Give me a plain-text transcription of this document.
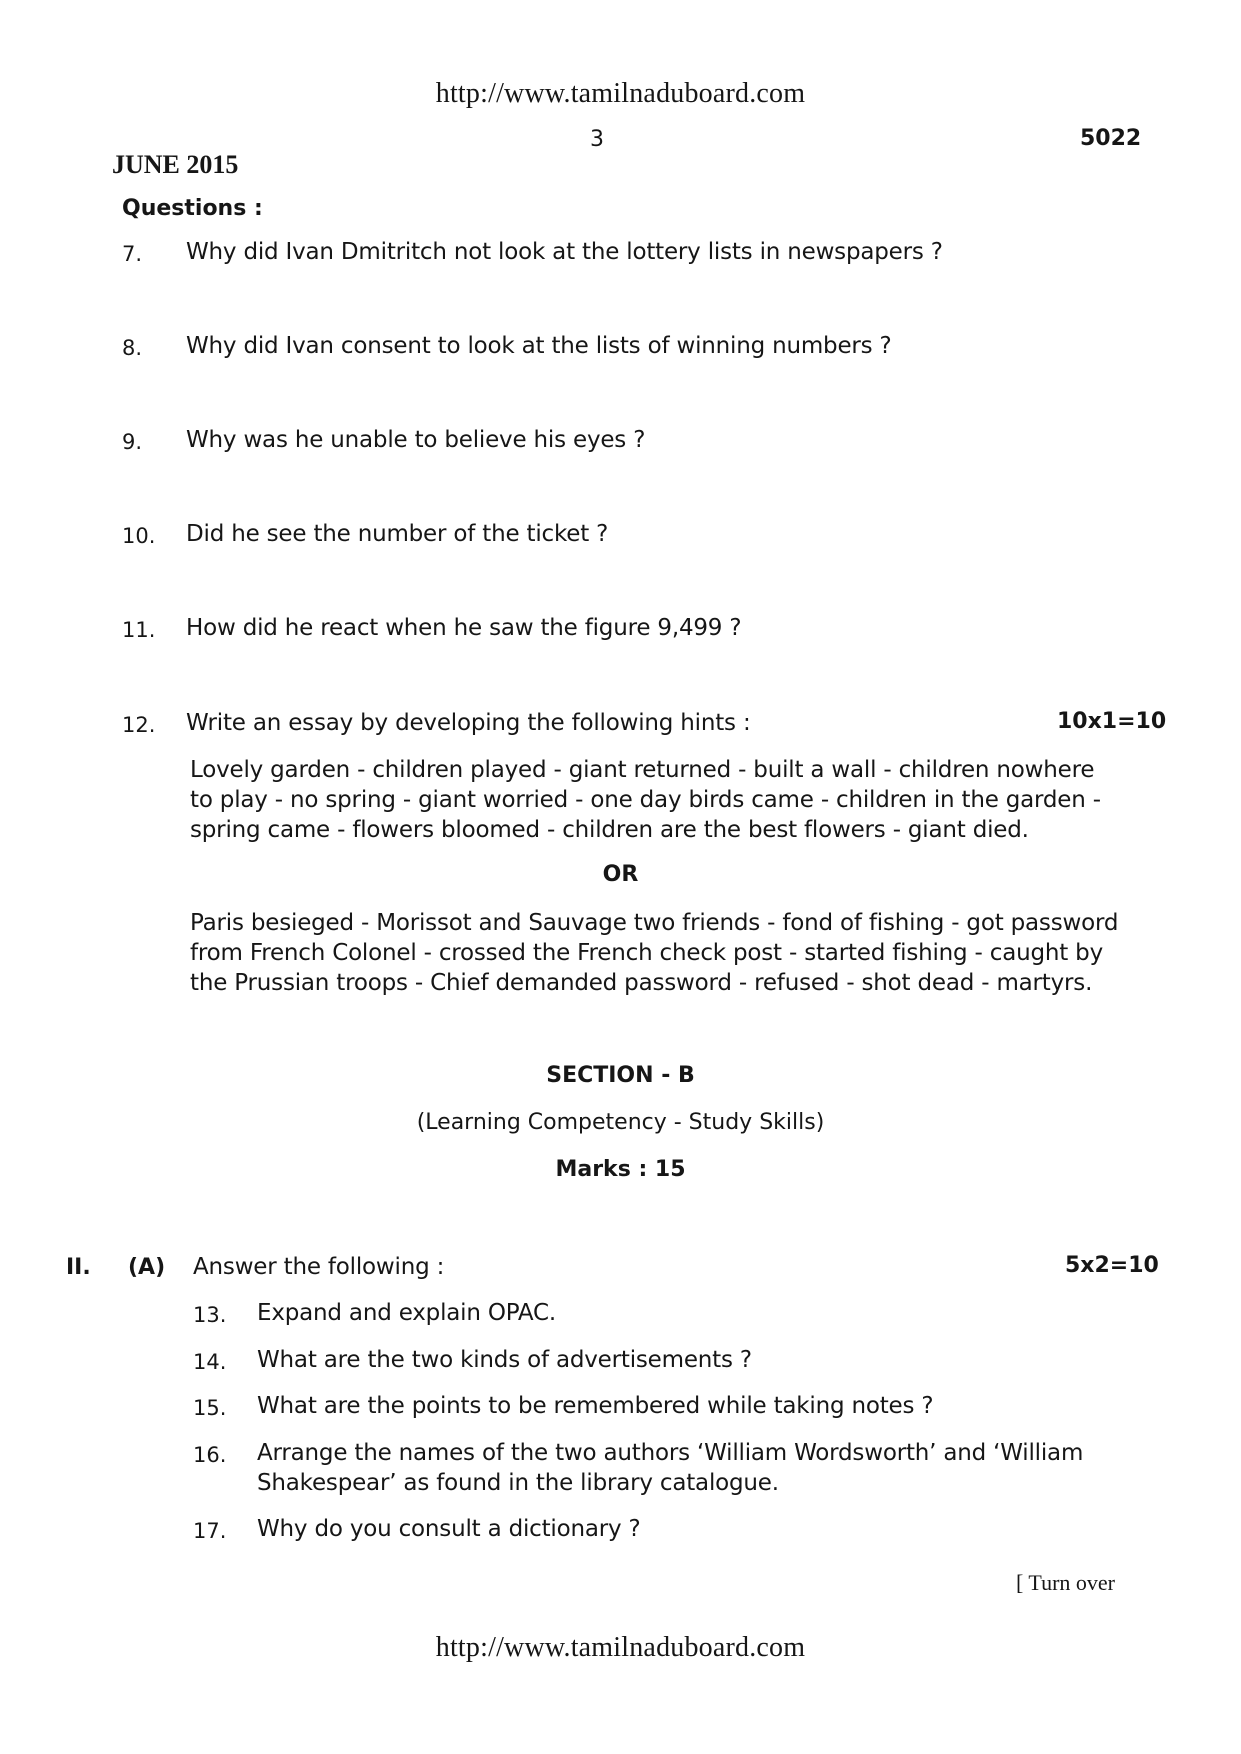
http://www.tamilnaduboard.com
3	5022
JUNE 2015
Questions :
7. Why did Ivan Dmitritch not look at the lottery lists in newspapers ?
8. Why did Ivan consent to look at the lists of winning numbers ?
9. Why was he unable to believe his eyes ?
10. Did he see the number of the ticket ?
11. How did he react when he saw the figure 9,499 ?
12. Write an essay by developing the following hints :	10x1=10
Lovely garden - children played - giant returned - built a wall - children nowhere
to play - no spring - giant worried - one day birds came - children in the garden -
spring came - flowers bloomed - children are the best flowers - giant died.
OR
Paris besieged - Morissot and Sauvage two friends - fond of fishing - got password
from French Colonel - crossed the French check post - started fishing - caught by
the Prussian troops - Chief demanded password - refused - shot dead - martyrs.
SECTION - B
(Learning Competency - Study Skills)
Marks : 15
II. (A) Answer the following :	5x2=10
13. Expand and explain OPAC.
14. What are the two kinds of advertisements ?
15. What are the points to be remembered while taking notes ?
16. Arrange the names of the two authors ‘William Wordsworth’ and ‘William
Shakespear’ as found in the library catalogue.
17. Why do you consult a dictionary ?
[ Turn over
http://www.tamilnaduboard.com
